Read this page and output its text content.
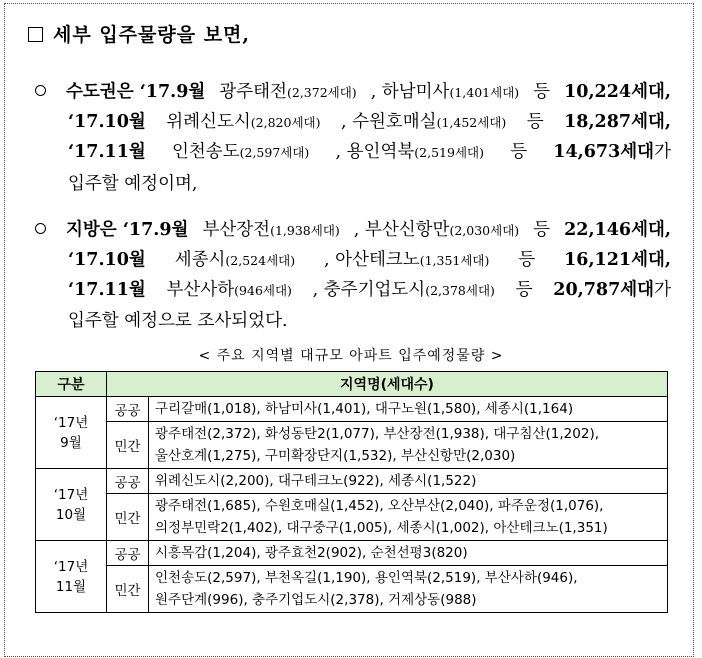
세부 입주물량을 보면,
수도권은 ‘17.9월 광주태전(2,372세대) , 하남미사(1,401세대) 등 10,224세대,
‘17.10월 위례신도시(2,820세대) , 수원호매실(1,452세대) 등 18,287세대,
‘17.11월 인천송도(2,597세대) , 용인역북(2,519세대) 등 14,673세대가
입주할 예정이며,
지방은 ‘17.9월 부산장전(1,938세대) , 부산신항만(2,030세대) 등 22,146세대,
‘17.10월 세종시(2,524세대) , 아산테크노(1,351세대) 등 16,121세대,
‘17.11월 부산사하(946세대) , 충주기업도시(2,378세대) 등 20,787세대가
입주할 예정으로 조사되었다.
< 주요 지역별 대규모 아파트 입주예정물량 >
구분	지역명(세대수)	
‘17년
9월	공공	구리갈매(1,018), 하남미사(1,401), 대구노원(1,580), 세종시(1,164)
	민간	광주태전(2,372), 화성동탄2(1,077), 부산장전(1,938), 대구침산(1,202),
울산호계(1,275), 구미확장단지(1,532), 부산신항만(2,030)
‘17년
10월	공공	위례신도시(2,200), 대구테크노(922), 세종시(1,522)
	민간	광주태전(1,685), 수원호매실(1,452), 오산부산(2,040), 파주운정(1,076),
의정부민락2(1,402), 대구중구(1,005), 세종시(1,002), 아산테크노(1,351)
‘17년
11월	공공	시흥목감(1,204), 광주효천2(902), 순천선평3(820)
	민간	인천송도(2,597), 부천옥길(1,190), 용인역북(2,519), 부산사하(946),
원주단계(996), 충주기업도시(2,378), 거제상동(988)
